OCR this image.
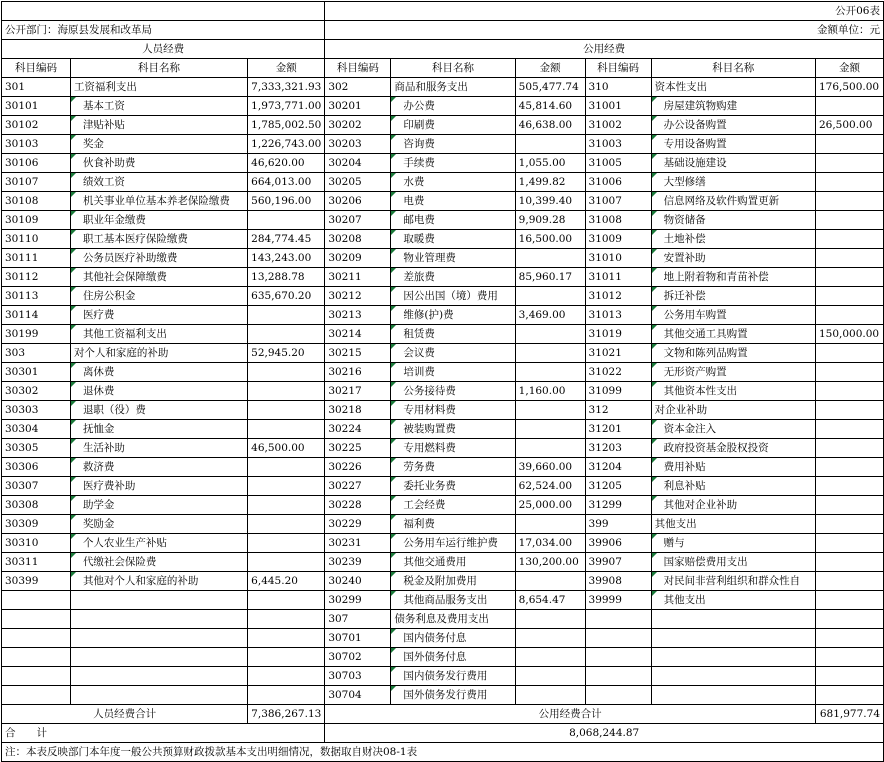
			公开06表					
公开部门：海原县发展和改革局			金额单位：元					
人员经费			公用经费					
科目编码	科目名称	金额	科目编码	科目名称	金额	科目编码	科目名称	金额
301	工资福利支出	7,333,321.93	302	商品和服务支出	505,477.74	310	资本性支出	176,500.00
30101	基本工资	1,973,771.00	30201	办公费	45,814.60	31001	房屋建筑物购建	
30102	津贴补贴	1,785,002.50	30202	印刷费	46,638.00	31002	办公设备购置	26,500.00
30103	奖金	1,226,743.00	30203	咨询费		31003	专用设备购置	
30106	伙食补助费	46,620.00	30204	手续费	1,055.00	31005	基础设施建设	
30107	绩效工资	664,013.00	30205	水费	1,499.82	31006	大型修缮	
30108	机关事业单位基本养老保险缴费	560,196.00	30206	电费	10,399.40	31007	信息网络及软件购置更新	
30109	职业年金缴费		30207	邮电费	9,909.28	31008	物资储备	
30110	职工基本医疗保险缴费	284,774.45	30208	取暖费	16,500.00	31009	土地补偿	
30111	公务员医疗补助缴费	143,243.00	30209	物业管理费		31010	安置补助	
30112	其他社会保障缴费	13,288.78	30211	差旅费	85,960.17	31011	地上附着物和青苗补偿	
30113	住房公积金	635,670.20	30212	因公出国（境）费用		31012	拆迁补偿	
30114	医疗费		30213	维修(护)费	3,469.00	31013	公务用车购置	
30199	其他工资福利支出		30214	租赁费		31019	其他交通工具购置	150,000.00
303	对个人和家庭的补助	52,945.20	30215	会议费		31021	文物和陈列品购置	
30301	离休费		30216	培训费		31022	无形资产购置	
30302	退休费		30217	公务接待费	1,160.00	31099	其他资本性支出	
30303	退职（役）费		30218	专用材料费		312	对企业补助	
30304	抚恤金		30224	被装购置费		31201	资本金注入	
30305	生活补助	46,500.00	30225	专用燃料费		31203	政府投资基金股权投资	
30306	救济费		30226	劳务费	39,660.00	31204	费用补贴	
30307	医疗费补助		30227	委托业务费	62,524.00	31205	利息补贴	
30308	助学金		30228	工会经费	25,000.00	31299	其他对企业补助	
30309	奖励金		30229	福利费		399	其他支出	
30310	个人农业生产补贴		30231	公务用车运行维护费	17,034.00	39906	赠与	
30311	代缴社会保险费		30239	其他交通费用	130,200.00	39907	国家赔偿费用支出	
30399	其他对个人和家庭的补助	6,445.20	30240	税金及附加费用		39908	对民间非营利组织和群众性自	
			30299	其他商品服务支出	8,654.47	39999	其他支出	
			307	债务利息及费用支出				
			30701	国内债务付息				
			30702	国外债务付息				
			30703	国内债务发行费用				
			30704	国外债务发行费用				
人员经费合计		7,386,267.13	公用经费合计					681,977.74
合　　计			8,068,244.87					
注：本表反映部门本年度一般公共预算财政拨款基本支出明细情况，数据取自财决08-1表								
